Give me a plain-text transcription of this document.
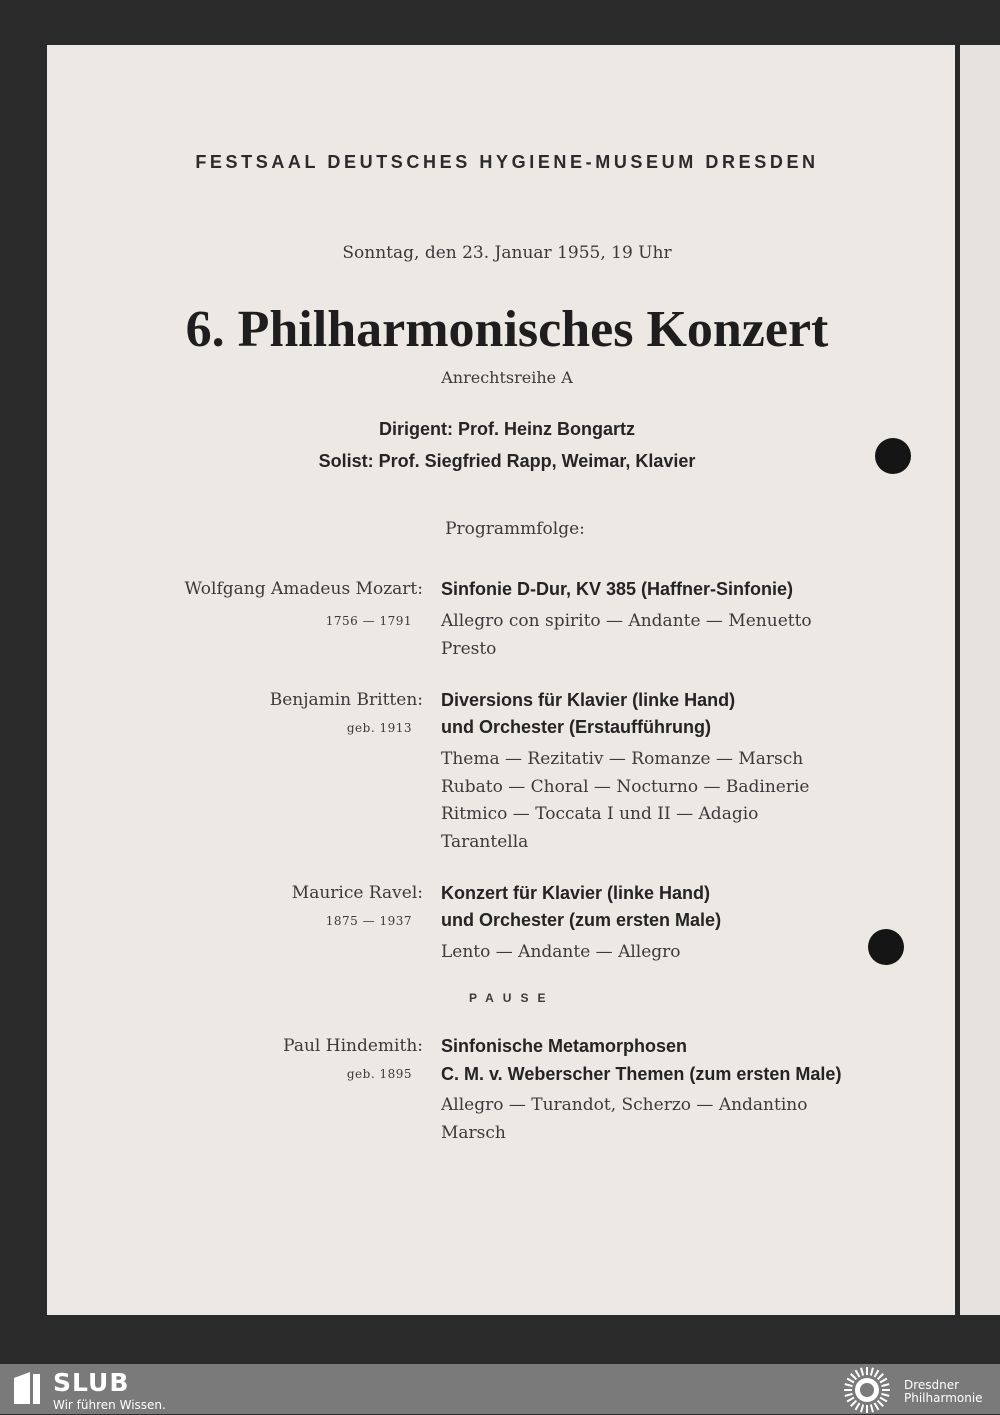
FESTSAAL DEUTSCHES HYGIENE-MUSEUM DRESDEN
Sonntag, den 23. Januar 1955, 19 Uhr
6. Philharmonisches Konzert
Anrechtsreihe A
Dirigent: Prof. Heinz Bongartz
Solist: Prof. Siegfried Rapp, Weimar, Klavier
Programmfolge:
Wolfgang Amadeus Mozart:
1756 — 1791
Sinfonie D-Dur, KV 385 (Haffner-Sinfonie)
Allegro con spirito — Andante — Menuetto
Presto
Benjamin Britten:
geb. 1913
Diversions für Klavier (linke Hand)
und Orchester (Erstaufführung)
Thema — Rezitativ — Romanze — Marsch
Rubato — Choral — Nocturno — Badinerie
Ritmico — Toccata I und II — Adagio
Tarantella
Maurice Ravel:
1875 — 1937
Konzert für Klavier (linke Hand)
und Orchester (zum ersten Male)
Lento — Andante — Allegro
PAUSE
Paul Hindemith:
geb. 1895
Sinfonische Metamorphosen
C. M. v. Weberscher Themen (zum ersten Male)
Allegro — Turandot, Scherzo — Andantino
Marsch
SLUB
Wir führen Wissen.
Dresdner
Philharmonie
